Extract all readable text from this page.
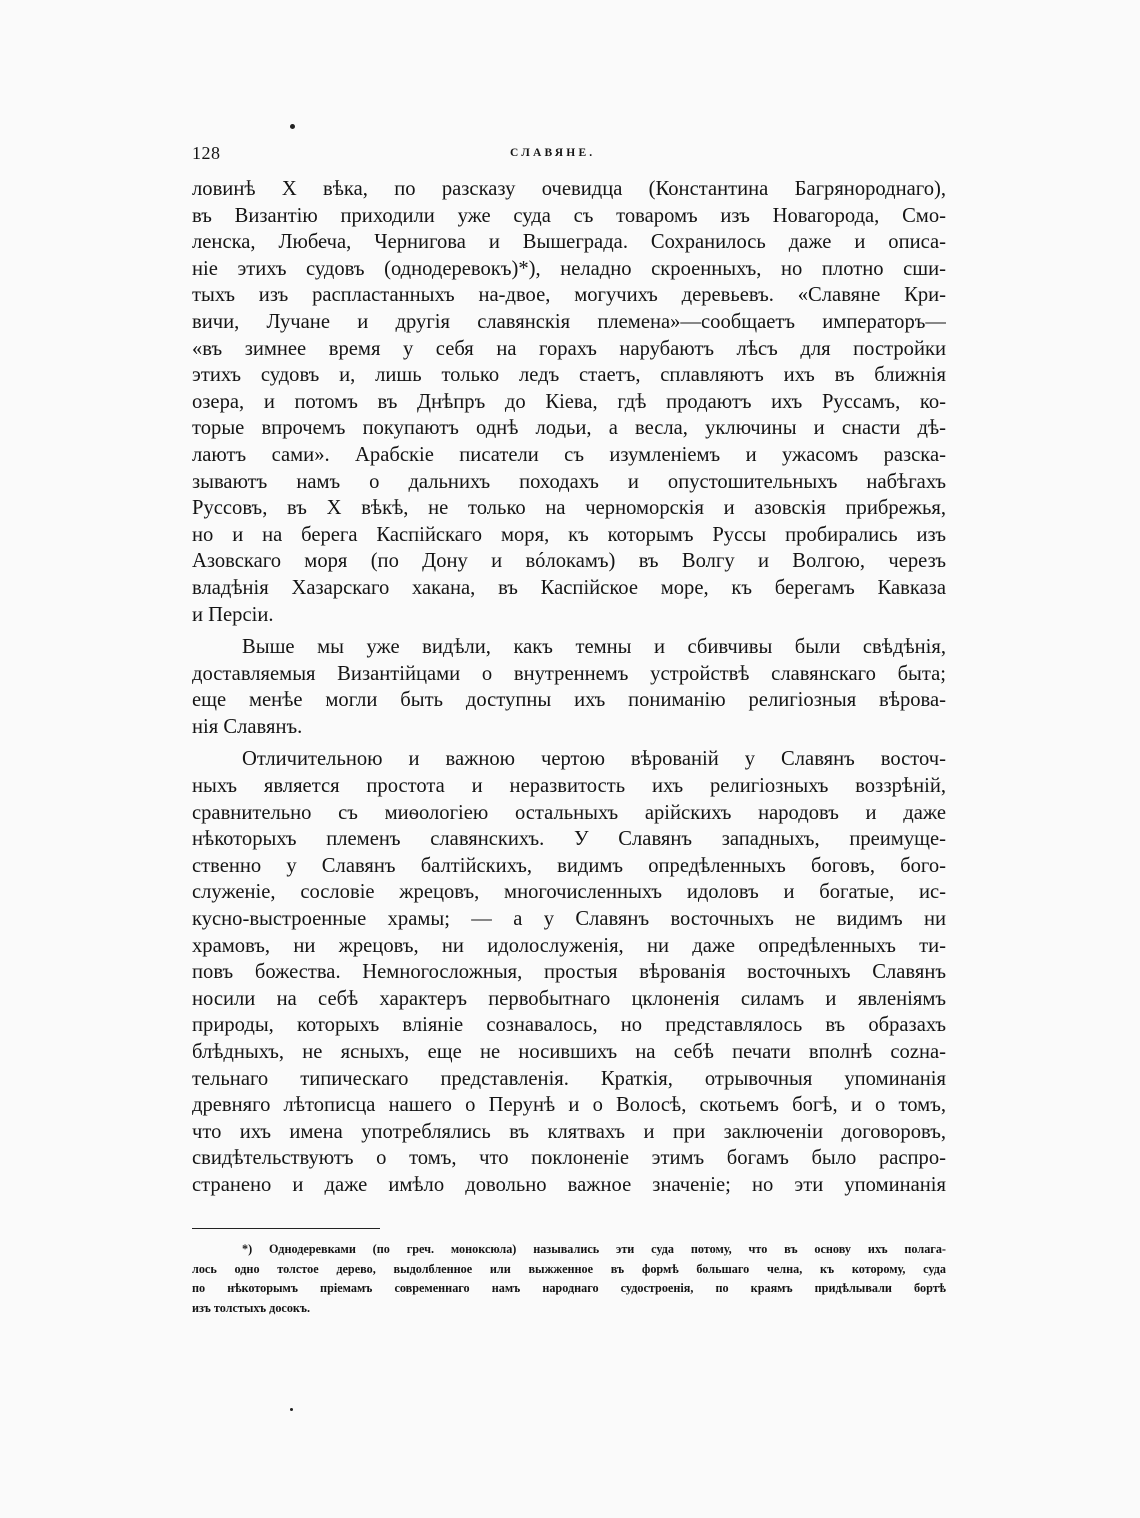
128	СЛАВЯНЕ.
ловинѣ X вѣка, по разсказу очевидца (Константина Багрянороднаго),
въ Византію приходили уже суда съ товаромъ изъ Новагорода, Смо-
ленска, Любеча, Чернигова и Вышеграда. Сохранилось даже и описа-
ніе этихъ судовъ (однодеревокъ)*), неладно скроенныхъ, но плотно сши-
тыхъ изъ распластанныхъ на-двое, могучихъ деревьевъ. «Славяне Кри-
вичи, Лучане и другія славянскія племена»—сообщаетъ императоръ—
«въ зимнее время у себя на горахъ нарубаютъ лѣсъ для постройки
этихъ судовъ и, лишь только ледъ стаетъ, сплавляютъ ихъ въ ближнія
озера, и потомъ въ Днѣпръ до Кіева, гдѣ продаютъ ихъ Руссамъ, ко-
торые впрочемъ покупаютъ однѣ лодьи, а весла, уключины и снасти дѣ-
лаютъ сами». Арабскіе писатели съ изумленіемъ и ужасомъ разска-
зываютъ намъ о дальнихъ походахъ и опустошительныхъ набѣгахъ
Руссовъ, въ X вѣкѣ, не только на черноморскія и азовскія прибрежья,
но и на берега Каспійскаго моря, къ которымъ Руссы пробирались изъ
Азовскаго моря (по Дону и вóлокамъ) въ Волгу и Волгою, черезъ
владѣнія Хазарскаго хакана, въ Каспійское море, къ берегамъ Кавказа
и Персіи.
Выше мы уже видѣли, какъ темны и сбивчивы были свѣдѣнія,
доставляемыя Византійцами о внутреннемъ устройствѣ славянскаго быта;
еще менѣе могли быть доступны ихъ пониманію религіозныя вѣрова-
нія Славянъ.
Отличительною и важною чертою вѣрованій у Славянъ восточ-
ныхъ является простота и неразвитость ихъ религіозныхъ воззрѣній,
сравнительно съ миѳологіею остальныхъ арійскихъ народовъ и даже
нѣкоторыхъ племенъ славянскихъ. У Славянъ западныхъ, преимуще-
ственно у Славянъ балтійскихъ, видимъ опредѣленныхъ боговъ, бого-
служеніе, сословіе жрецовъ, многочисленныхъ идоловъ и богатые, ис-
кусно-выстроенные храмы; — а у Славянъ восточныхъ не видимъ ни
храмовъ, ни жрецовъ, ни идолослуженія, ни даже опредѣленныхъ ти-
повъ божества. Немногосложныя, простыя вѣрованія восточныхъ Славянъ
носили на себѣ характеръ первобытнаго цклоненія силамъ и явленіямъ
природы, которыхъ вліяніе сознавалось, но представлялось въ образахъ
блѣдныхъ, не ясныхъ, еще не носившихъ на себѣ печати вполнѣ сozна-
тельнаго типическаго представленія. Краткія, отрывочныя упоминанія
древняго лѣтописца нашего о Перунѣ и о Волосѣ, скотьемъ богѣ, и о томъ,
что ихъ имена употреблялись въ клятвахъ и при заключеніи договоровъ,
свидѣтельствуютъ о томъ, что поклоненіе этимъ богамъ было распро-
странено и даже имѣло довольно важное значеніе; но эти упоминанія
*) Однодеревками (по греч. моноксюла) назывались эти суда потому, что въ основу ихъ полага-
лось одно толстое дерево, выдолбленное или выжженное въ формѣ большаго челна, къ которому, суда
по нѣкоторымъ пріемамъ современнаго намъ народнаго судостроенія, по краямъ придѣлывали бортѣ
изъ толстыхъ досокъ.
